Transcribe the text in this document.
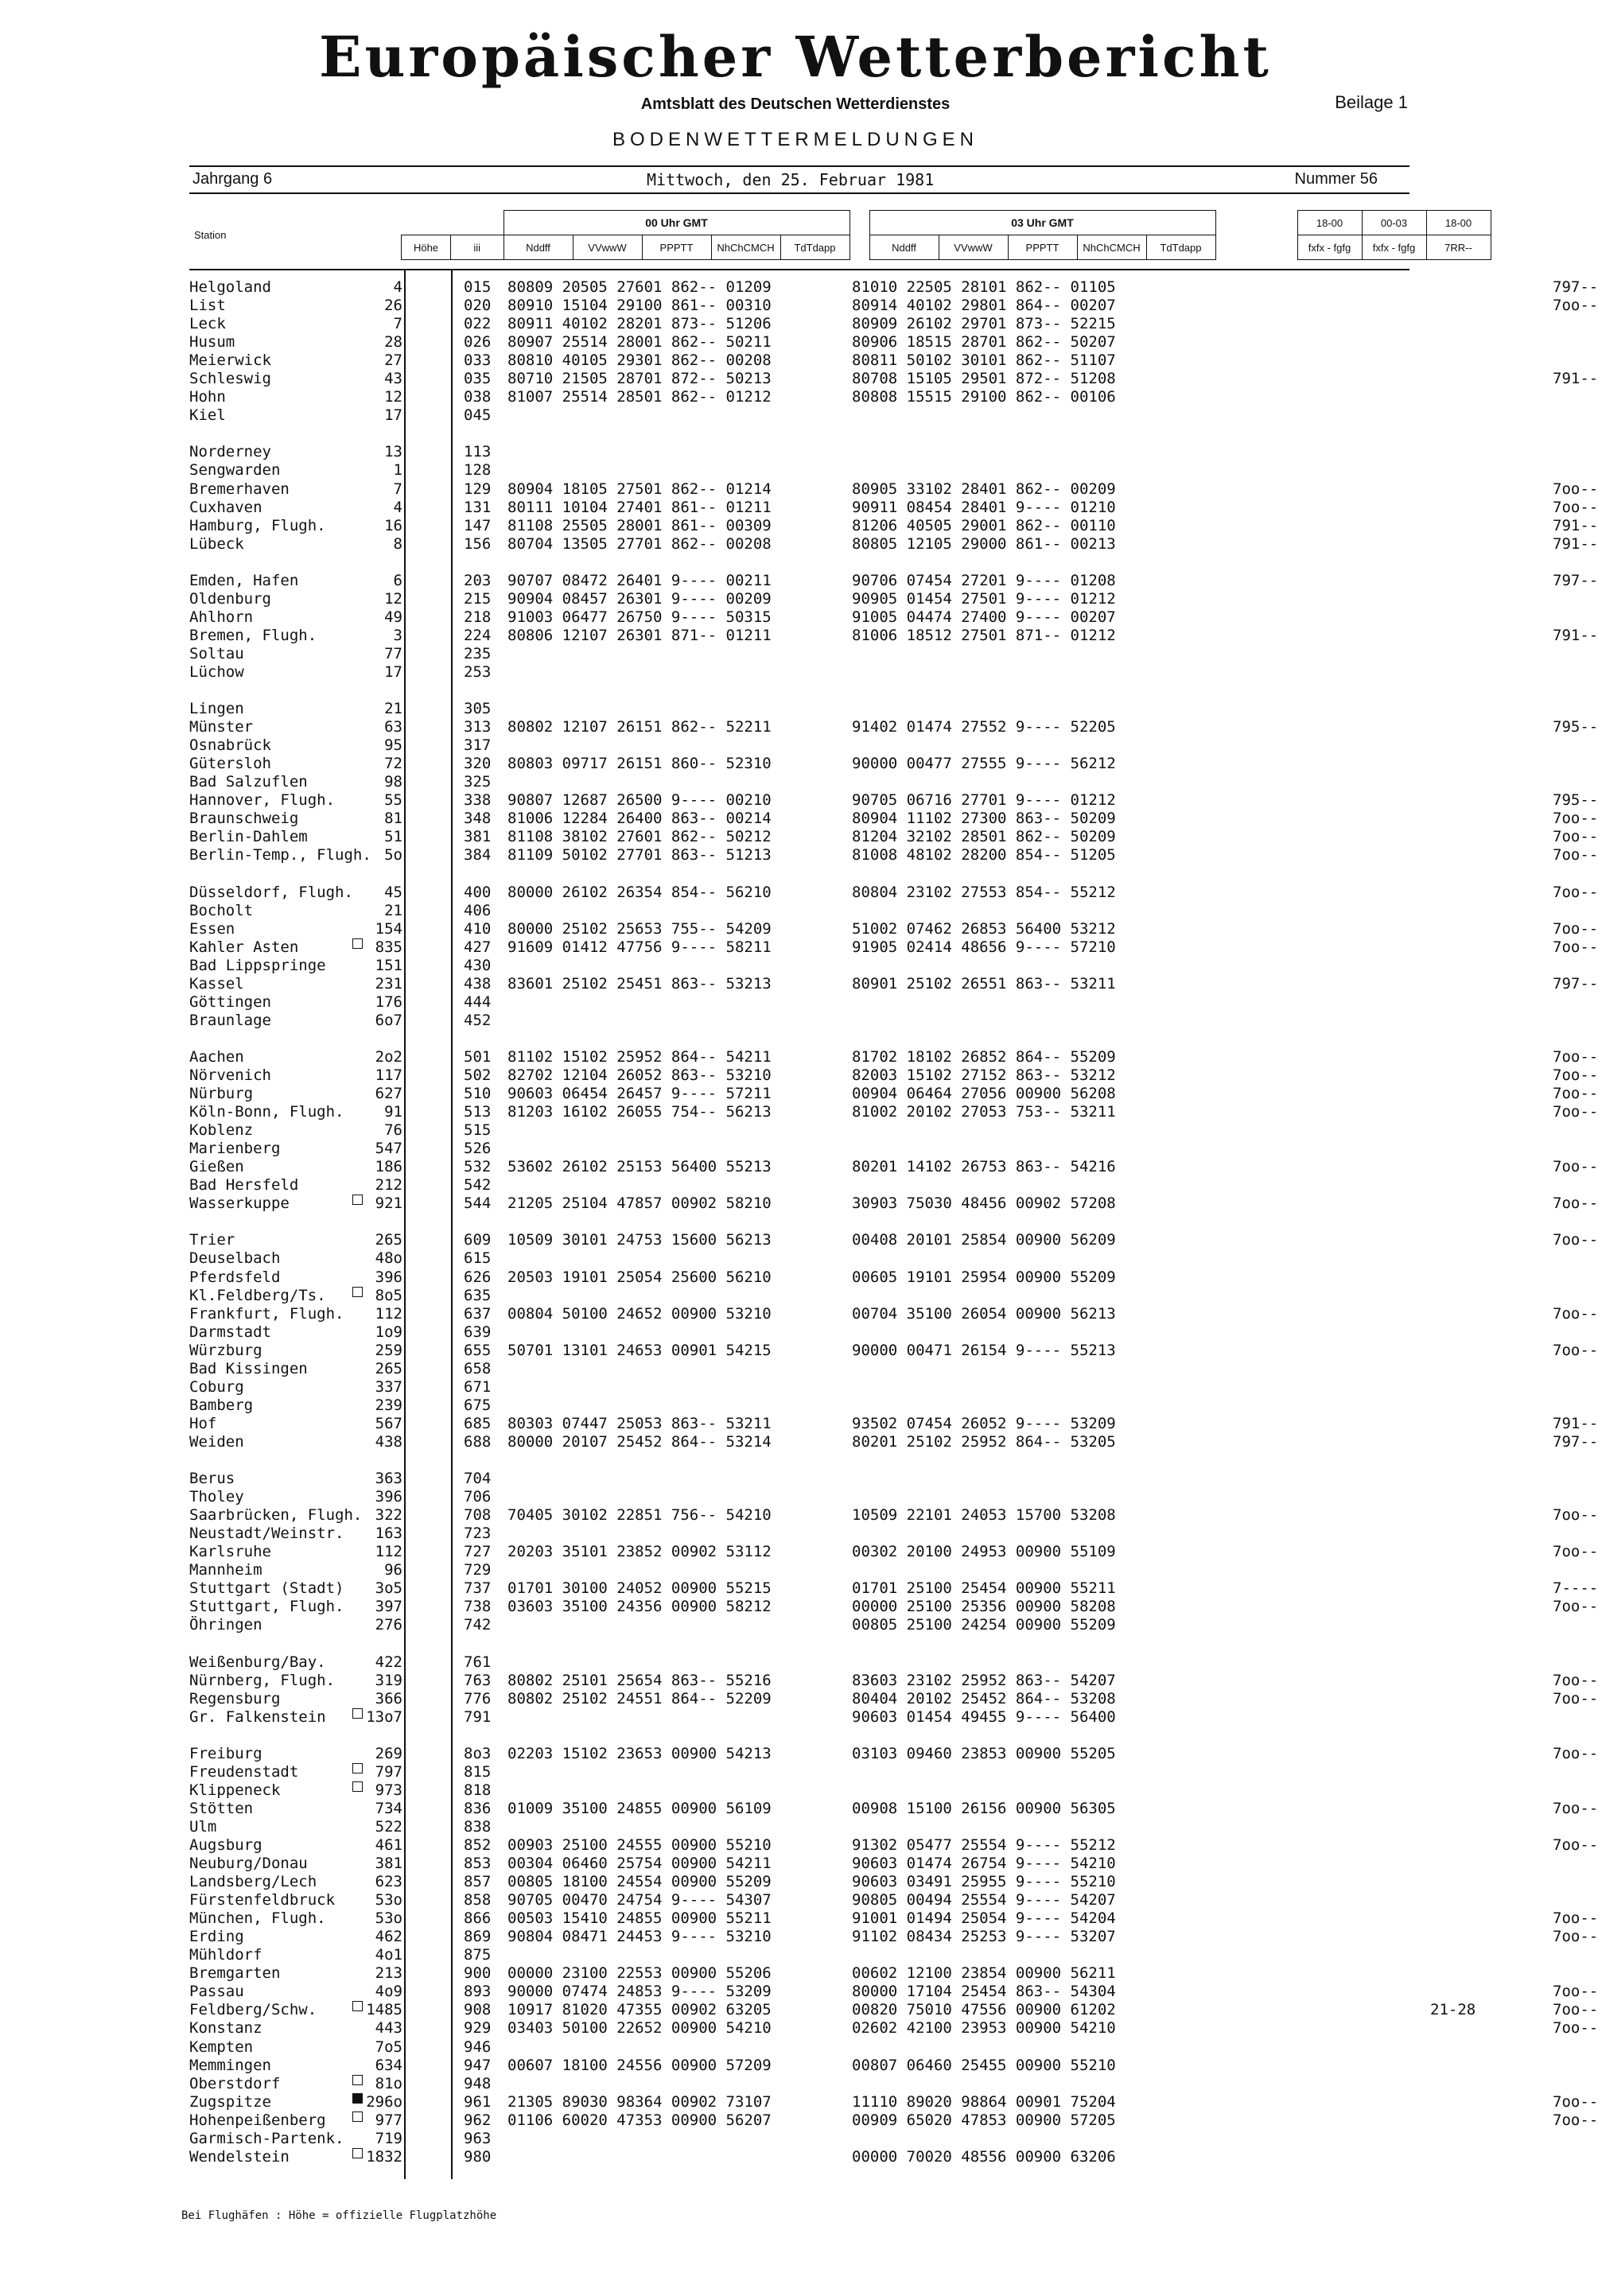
Europäischer Wetterbericht
Amtsblatt des Deutschen Wetterdienstes	Beilage 1
BODENWETTERMELDUNGEN
Jahrgang 6	Mittwoch, den 25. Februar 1981	Nummer 56
Station			00 Uhr GMT						03 Uhr GMT						18-00	00-03	18-00
	Höhe	iii	Nddff	VVwwW	PPPTT	NhChCMCH	TdTdapp		Nddff	VVwwW	PPPTT	NhChCMCH	TdTdapp		fxfx - fgfg	fxfx - fgfg	7RR--
Helgoland	4	015 80809 20505 27601 862-- 01209	81010 22505 28101 862-- 01105	797--
List	26	020 80910 15104 29100 861-- 00310	80914 40102 29801 864-- 00207	7oo--
Leck	7	022 80911 40102 28201 873-- 51206	80909 26102 29701 873-- 52215
Husum	28	026 80907 25514 28001 862-- 50211	80906 18515 28701 862-- 50207
Meierwick	27	033 80810 40105 29301 862-- 00208	80811 50102 30101 862-- 51107
Schleswig	43	035 80710 21505 28701 872-- 50213	80708 15105 29501 872-- 51208	791--
Hohn	12	038 81007 25514 28501 862-- 01212	80808 15515 29100 862-- 00106
Kiel	17	045
Norderney	13	113
Sengwarden	1	128
Bremerhaven	7	129 80904 18105 27501 862-- 01214	80905 33102 28401 862-- 00209	7oo--
Cuxhaven	4	131 80111 10104 27401 861-- 01211	90911 08454 28401 9---- 01210	7oo--
Hamburg, Flugh.	16	147 81108 25505 28001 861-- 00309	81206 40505 29001 862-- 00110	791--
Lübeck	8	156 80704 13505 27701 862-- 00208	80805 12105 29000 861-- 00213	791--
Emden, Hafen	6	203 90707 08472 26401 9---- 00211	90706 07454 27201 9---- 01208	797--
Oldenburg	12	215 90904 08457 26301 9---- 00209	90905 01454 27501 9---- 01212
Ahlhorn	49	218 91003 06477 26750 9---- 50315	91005 04474 27400 9---- 00207
Bremen, Flugh.	3	224 80806 12107 26301 871-- 01211	81006 18512 27501 871-- 01212	791--
Soltau	77	235
Lüchow	17	253
Lingen	21	305
Münster	63	313 80802 12107 26151 862-- 52211	91402 01474 27552 9---- 52205	795--
Osnabrück	95	317
Gütersloh	72	320 80803 09717 26151 860-- 52310	90000 00477 27555 9---- 56212
Bad Salzuflen	98	325
Hannover, Flugh.	55	338 90807 12687 26500 9---- 00210	90705 06716 27701 9---- 01212	795--
Braunschweig	81	348 81006 12284 26400 863-- 00214	80904 11102 27300 863-- 50209	7oo--
Berlin-Dahlem	51	381 81108 38102 27601 862-- 50212	81204 32102 28501 862-- 50209	7oo--
Berlin-Temp., Flugh. 5o	384 81109 50102 27701 863-- 51213	81008 48102 28200 854-- 51205	7oo--
Düsseldorf, Flugh. 45	400 80000 26102 26354 854-- 56210	80804 23102 27553 854-- 55212	7oo--
Bocholt	21	406
Essen	154	410 80000 25102 25653 755-- 54209	51002 07462 26853 56400 53212	7oo--
Kahler Asten	835	427 91609 01412 47756 9---- 58211	91905 02414 48656 9---- 57210	7oo--
Bad Lippspringe	151	430
Kassel	231	438 83601 25102 25451 863-- 53213	80901 25102 26551 863-- 53211	797--
Göttingen	176	444
Braunlage	6o7	452
Aachen	2o2	501 81102 15102 25952 864-- 54211	81702 18102 26852 864-- 55209	7oo--
Nörvenich	117	502 82702 12104 26052 863-- 53210	82003 15102 27152 863-- 53212	7oo--
Nürburg	627	510 90603 06454 26457 9---- 57211	00904 06464 27056 00900 56208	7oo--
Köln-Bonn, Flugh.	91	513 81203 16102 26055 754-- 56213	81002 20102 27053 753-- 53211	7oo--
Koblenz	76	515
Marienberg	547	526
Gießen	186	532 53602 26102 25153 56400 55213	80201 14102 26753 863-- 54216	7oo--
Bad Hersfeld	212	542
Wasserkuppe	921	544 21205 25104 47857 00902 58210	30903 75030 48456 00902 57208	7oo--
Trier	265	609 10509 30101 24753 15600 56213	00408 20101 25854 00900 56209	7oo--
Deuselbach	48o	615
Pferdsfeld	396	626 20503 19101 25054 25600 56210	00605 19101 25954 00900 55209
Kl.Feldberg/Ts.	8o5	635
Frankfurt, Flugh. 112	637 00804 50100 24652 00900 53210	00704 35100 26054 00900 56213	7oo--
Darmstadt	1o9	639
Würzburg	259	655 50701 13101 24653 00901 54215	90000 00471 26154 9---- 55213	7oo--
Bad Kissingen	265	658
Coburg	337	671
Bamberg	239	675
Hof	567	685 80303 07447 25053 863-- 53211	93502 07454 26052 9---- 53209	791--
Weiden	438	688 80000 20107 25452 864-- 53214	80201 25102 25952 864-- 53205	797--
Berus	363	704
Tholey	396	706
Saarbrücken, Flugh. 322	708 70405 30102 22851 756-- 54210	10509 22101 24053 15700 53208	7oo--
Neustadt/Weinstr. 163	723
Karlsruhe	112	727 20203 35101 23852 00902 53112	00302 20100 24953 00900 55109	7oo--
Mannheim	96	729
Stuttgart (Stadt) 3o5	737 01701 30100 24052 00900 55215	01701 25100 25454 00900 55211	7----
Stuttgart, Flugh. 397	738 03603 35100 24356 00900 58212	00000 25100 25356 00900 58208	7oo--
Öhringen	276	742	00805 25100 24254 00900 55209
Weißenburg/Bay.	422	761
Nürnberg, Flugh.	319	763 80802 25101 25654 863-- 55216	83603 23102 25952 863-- 54207	7oo--
Regensburg	366	776 80802 25102 24551 864-- 52209	80404 20102 25452 864-- 53208	7oo--
Gr. Falkenstein	13o7	791	90603 01454 49455 9---- 56400
Freiburg	269	8o3 02203 15102 23653 00900 54213	03103 09460 23853 00900 55205	7oo--
Freudenstadt	797	815
Klippeneck	973	818
Stötten	734	836 01009 35100 24855 00900 56109	00908 15100 26156 00900 56305	7oo--
Ulm	522	838
Augsburg	461	852 00903 25100 24555 00900 55210	91302 05477 25554 9---- 55212	7oo--
Neuburg/Donau	381	853 00304 06460 25754 00900 54211	90603 01474 26754 9---- 54210
Landsberg/Lech	623	857 00805 18100 24554 00900 55209	90603 03491 25955 9---- 55210
Fürstenfeldbruck	53o	858 90705 00470 24754 9---- 54307	90805 00494 25554 9---- 54207
München, Flugh.	53o	866 00503 15410 24855 00900 55211	91001 01494 25054 9---- 54204	7oo--
Erding	462	869 90804 08471 24453 9---- 53210	91102 08434 25253 9---- 53207	7oo--
Mühldorf	4o1	875
Bremgarten	213	900 00000 23100 22553 00900 55206	00602 12100 23854 00900 56211
Passau	4o9	893 90000 07474 24853 9---- 53209	80000 17104 25454 863-- 54304	7oo--
Feldberg/Schw.	1485	908 10917 81020 47355 00902 63205	00820 75010 47556 00900 61202	21-28	7oo--
Konstanz	443	929 03403 50100 22652 00900 54210	02602 42100 23953 00900 54210	7oo--
Kempten	7o5	946
Memmingen	634	947 00607 18100 24556 00900 57209	00807 06460 25455 00900 55210
Oberstdorf	81o	948
Zugspitze	296o	961 21305 89030 98364 00902 73107	11110 89020 98864 00901 75204	7oo--
Hohenpeißenberg	977	962 01106 60020 47353 00900 56207	00909 65020 47853 00900 57205	7oo--
Garmisch-Partenk. 719	963
Wendelstein	1832	980	00000 70020 48556 00900 63206
Bei Flughäfen : Höhe = offizielle Flugplatzhöhe
